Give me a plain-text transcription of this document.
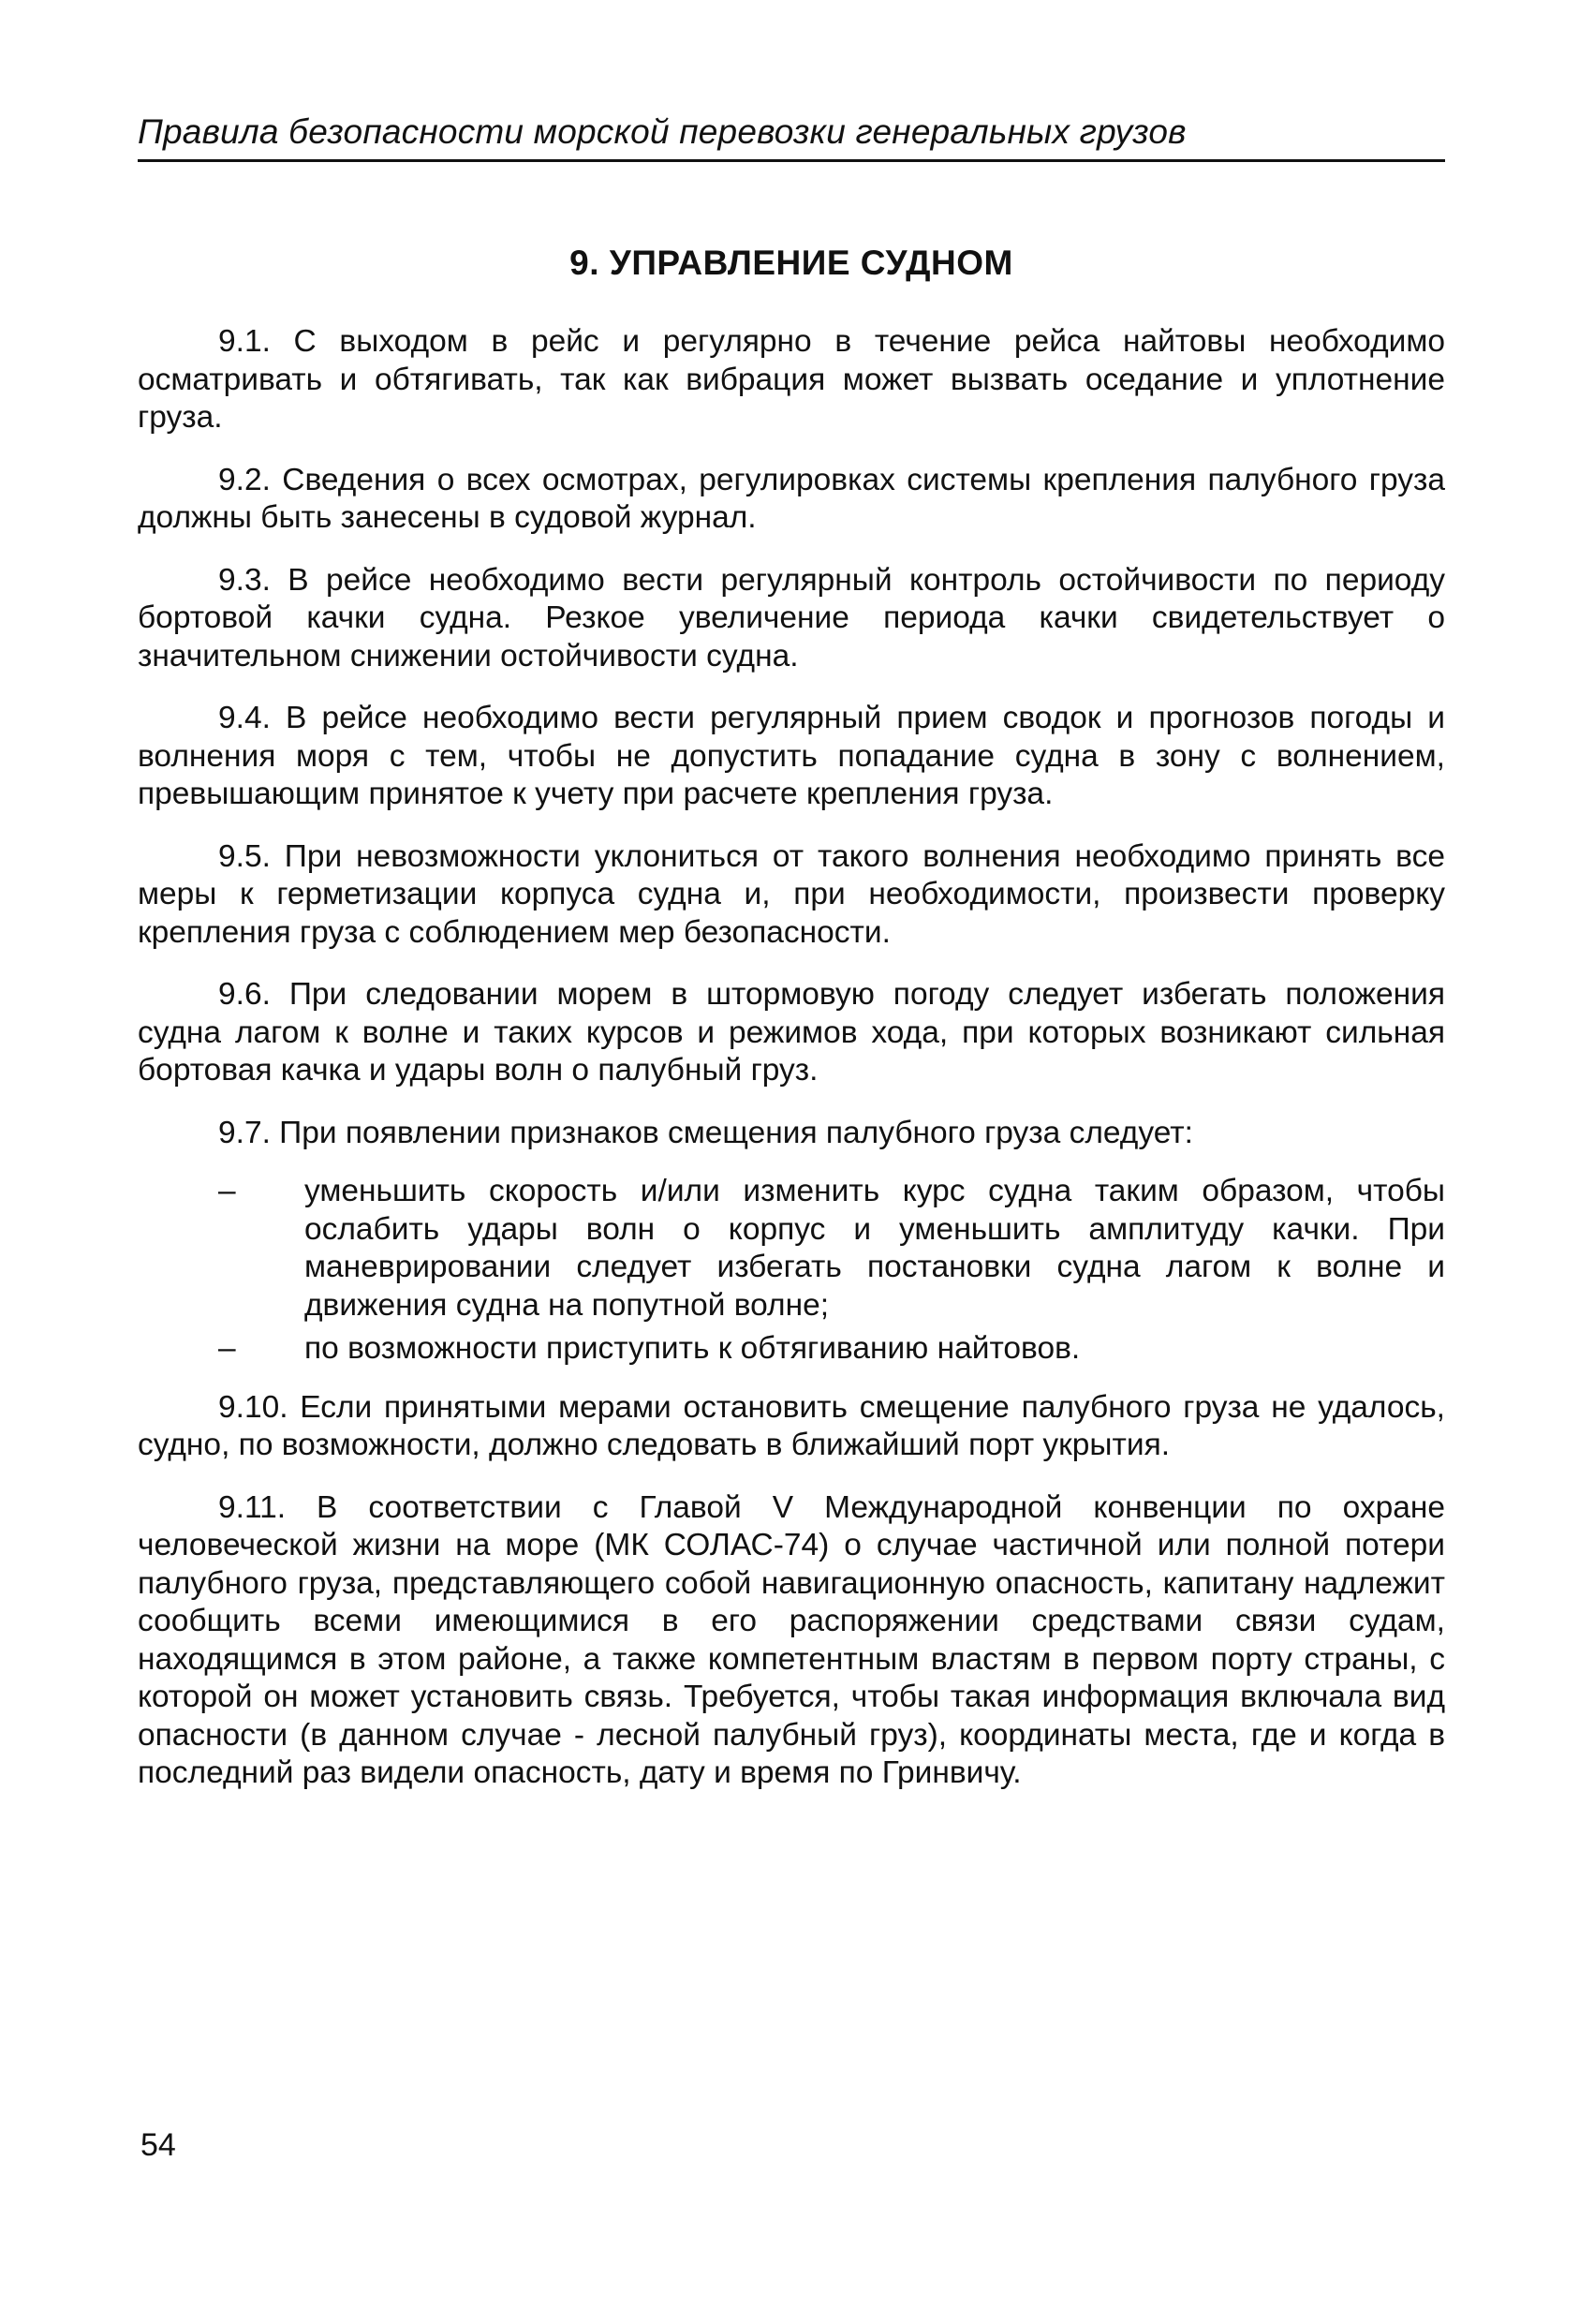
Правила безопасности морской перевозки генеральных грузов
9. УПРАВЛЕНИЕ СУДНОМ

9.1. С выходом в рейс и регулярно в течение рейса найтовы необходимо осматривать и обтягивать, так как вибрация может вызвать оседание и уплотнение груза.

9.2. Сведения о всех осмотрах, регулировках системы крепления палубного груза должны быть занесены в судовой журнал.

9.3. В рейсе необходимо вести регулярный контроль остойчивости по периоду бортовой качки судна. Резкое увеличение периода качки свидетельствует о значительном снижении остойчивости судна.

9.4. В рейсе необходимо вести регулярный прием сводок и прогнозов погоды и волнения моря с тем, чтобы не допустить попадание судна в зону с волнением, превышающим принятое к учету при расчете крепления груза.

9.5. При невозможности уклониться от такого волнения необходимо принять все меры к герметизации корпуса судна и, при необходимости, произвести проверку крепления груза с соблюдением мер безопасности.

9.6. При следовании морем в штормовую погоду следует избегать положения судна лагом к волне и таких курсов и режимов хода, при которых возникают сильная бортовая качка и удары волн о палубный груз.

9.7. При появлении признаков смещения палубного груза следует:

– уменьшить скорость и/или изменить курс судна таким образом, чтобы ослабить удары волн о корпус и уменьшить амплитуду качки. При маневрировании следует избегать постановки судна лагом к волне и движения судна на попутной волне;
– по возможности приступить к обтягиванию найтовов.

9.10. Если принятыми мерами остановить смещение палубного груза не удалось, судно, по возможности, должно следовать в ближайший порт укрытия.

9.11. В соответствии с Главой V Международной конвенции по охране человеческой жизни на море (МК СОЛАС-74) о случае частичной или полной потери палубного груза, представляющего собой навигационную опасность, капитану надлежит сообщить всеми имеющимися в его распоряжении средствами связи судам, находящимся в этом районе, а также компетентным властям в первом порту страны, с которой он может установить связь. Требуется, чтобы такая информация включала вид опасности (в данном случае - лесной палубный груз), координаты места, где и когда в последний раз видели опасность, дату и время по Гринвичу.

54
